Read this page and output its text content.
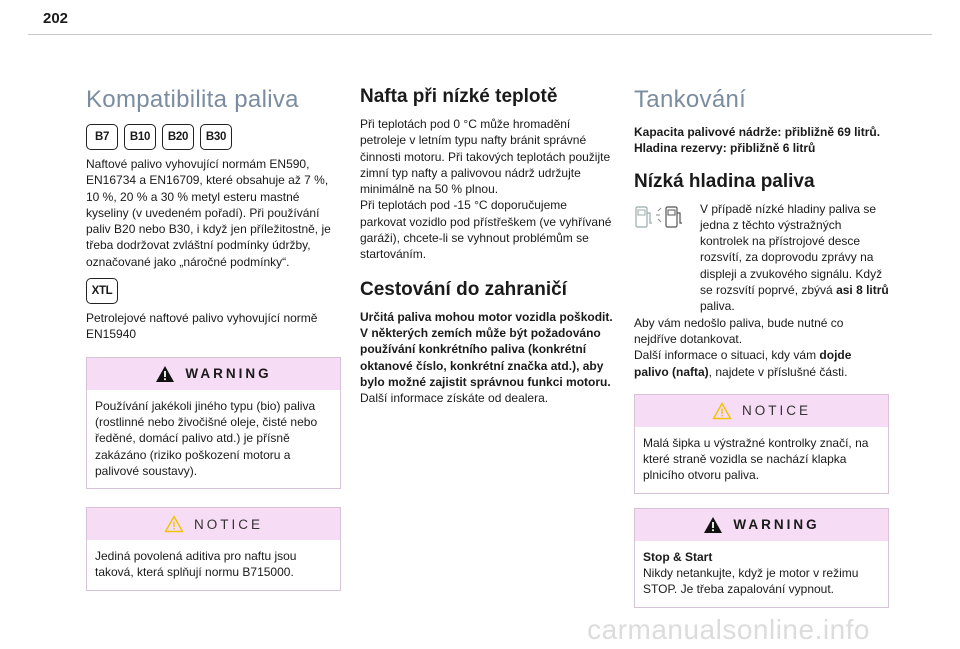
202
Kompatibilita paliva
B7	B10	B20	B30

Naftové palivo vyhovující normám EN590, EN16734 a EN16709, které obsahuje až 7 %, 10 %, 20 % a 30 % metyl esteru mastné kyseliny (v uvedeném pořadí). Při používání paliv B20 nebo B30, i když jen příležitostně, je třeba dodržovat zvláštní podmínky údržby, označované jako „náročné podmínky“.

XTL

Petrolejové naftové palivo vyhovující normě EN15940

WARNING

Používání jakékoli jiného typu (bio) paliva (rostlinné nebo živočišné oleje, čisté nebo ředěné, domácí palivo atd.) je přísně zakázáno (riziko poškození motoru a palivové soustavy).

NOTICE

Jediná povolená aditiva pro naftu jsou taková, která splňují normu B715000.

Nafta při nízké teplotě

Při teplotách pod 0 °C může hromadění petroleje v letním typu nafty bránit správné činnosti motoru. Při takových teplotách použijte zimní typ nafty a palivovou nádrž udržujte minimálně na 50 % plnou.

Při teplotách pod -15 °C doporučujeme parkovat vozidlo pod přístřeškem (ve vyhřívané garáži), chcete-li se vyhnout problémům se startováním.

Cestování do zahraničí

Určitá paliva mohou motor vozidla poškodit. V některých zemích může být požadováno používání konkrétního paliva (konkrétní oktanové číslo, konkrétní značka atd.), aby bylo možné zajistit správnou funkci motoru.

Další informace získáte od dealera.

Tankování

Kapacita palivové nádrže: přibližně 69 litrů.

Hladina rezervy: přibližně 6 litrů

Nízká hladina paliva

V případě nízké hladiny paliva se jedna z těchto výstražných kontrolek na přístrojové desce rozsvítí, za doprovodu zprávy na displeji a zvukového signálu. Když se rozsvítí poprvé, zbývá asi 8 litrů paliva.

Aby vám nedošlo paliva, bude nutné co nejdříve dotankovat.

Další informace o situaci, kdy vám dojde palivo (nafta), najdete v příslušné části.

NOTICE

Malá šipka u výstražné kontrolky značí, na které straně vozidla se nachází klapka plnicího otvoru paliva.

WARNING

Stop & Start

Nikdy netankujte, když je motor v režimu STOP. Je třeba zapalování vypnout.

carmanualsonline.info
